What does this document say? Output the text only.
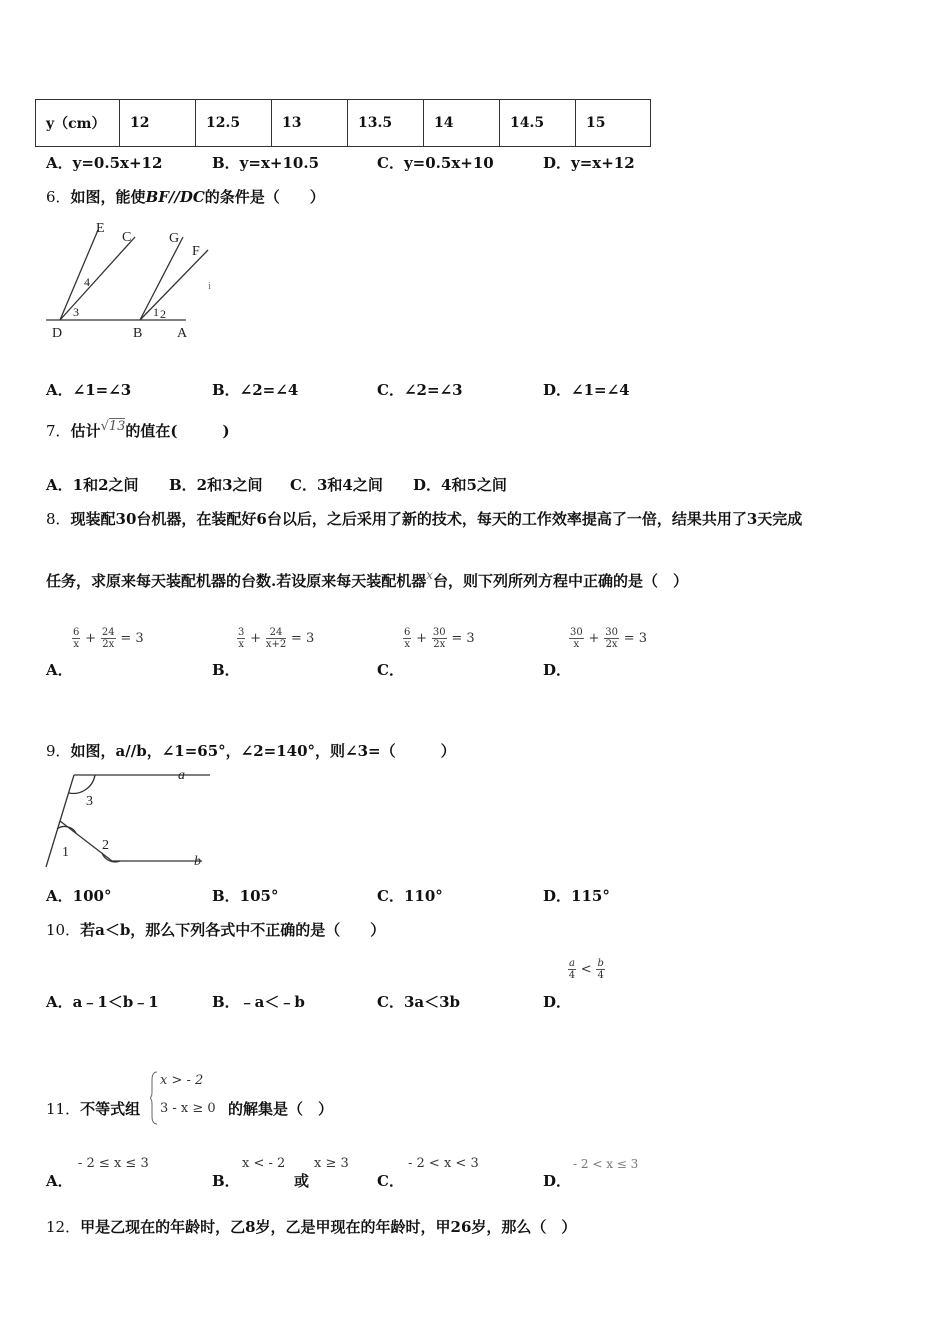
y（cm）	12	12.5	13	13.5	14	14.5	15
A．y=0.5x+12	B．y=x+10.5	C．y=0.5x+10	D．y=x+12
6．如图，能使BF//DC的条件是（　　）
E
C	G
F
4
3	2
1
D	B A
i
A．∠1=∠3	B．∠2=∠4	C．∠2=∠3	D．∠1=∠4
7．估计√13的值在(　　　)
A．1和2之间 B．2和3之间 C．3和4之间 D．4和5之间
8．现装配30台机器，在装配好6台以后，之后采用了新的技术，每天的工作效率提高了一倍，结果共用了3天完成
任务，求原来每天装配机器的台数.若设原来每天装配机器$^x$台，则下列所列方程中正确的是（　）
$\frac{6}{x} + \frac{24}{2x} = 3$	$\frac{3}{x} + \frac{24}{x+2} = 3$	$\frac{6}{x} + \frac{30}{2x} = 3$	$\frac{30}{x} + \frac{30}{2x} = 3$
A．	B．	C．	D．
9．如图，a//b，∠1=65°，∠2=140°，则∠3=（　　　）
a
3
1 2
b
A．100°	B．105°	C．110°	D．115°
10．若a＜b，那么下列各式中不正确的是（　　）
$\frac{a}{4} < \frac{b}{4}$
A．a﹣1＜b﹣1	B．﹣a＜﹣b	C．3a＜3b	D．
11．不等式组
x > - 2
3 - x ≥ 0 的解集是（　）
- 2 ≤ x ≤ 3	x < - 2
或
x ≥ 3	- 2 < x < 3	- 2 < x ≤ 3
A．	B．	C．	D．
12．甲是乙现在的年龄时，乙8岁，乙是甲现在的年龄时，甲26岁，那么（　）
